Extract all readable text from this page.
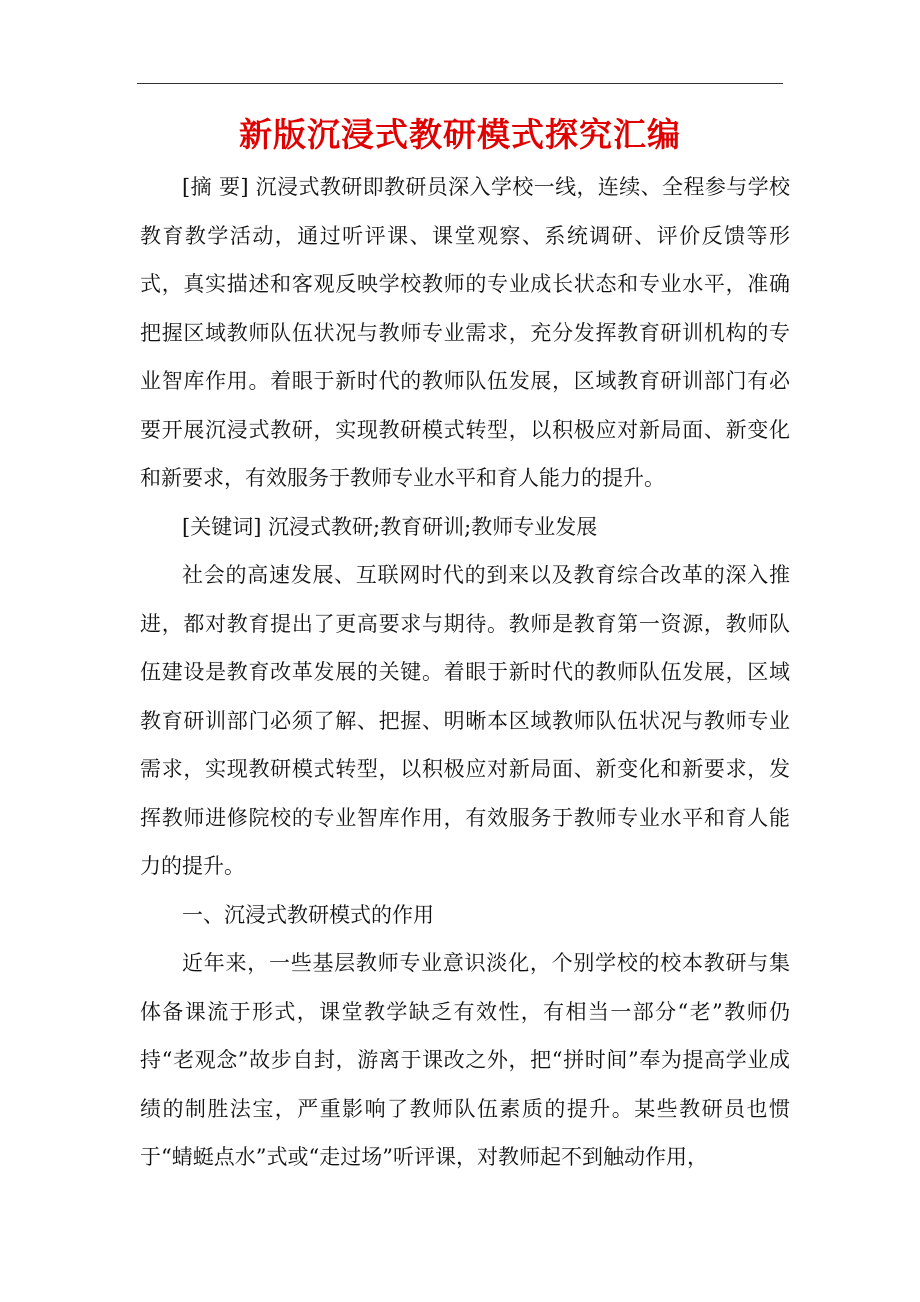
新版沉浸式教研模式探究汇编

[摘 要] 沉浸式教研即教研员深入学校一线，连续、全程参与学校教育教学活动，通过听评课、课堂观察、系统调研、评价反馈等形式，真实描述和客观反映学校教师的专业成长状态和专业水平，准确把握区域教师队伍状况与教师专业需求，充分发挥教育研训机构的专业智库作用。着眼于新时代的教师队伍发展，区域教育研训部门有必要开展沉浸式教研，实现教研模式转型，以积极应对新局面、新变化和新要求，有效服务于教师专业水平和育人能力的提升。

[关键词] 沉浸式教研;教育研训;教师专业发展

社会的高速发展、互联网时代的到来以及教育综合改革的深入推进，都对教育提出了更高要求与期待。教师是教育第一资源，教师队伍建设是教育改革发展的关键。着眼于新时代的教师队伍发展，区域教育研训部门必须了解、把握、明晰本区域教师队伍状况与教师专业需求，实现教研模式转型，以积极应对新局面、新变化和新要求，发挥教师进修院校的专业智库作用，有效服务于教师专业水平和育人能力的提升。

一、沉浸式教研模式的作用

近年来，一些基层教师专业意识淡化，个别学校的校本教研与集体备课流于形式，课堂教学缺乏有效性，有相当一部分“老”教师仍持“老观念”故步自封，游离于课改之外，把“拼时间”奉为提高学业成绩的制胜法宝，严重影响了教师队伍素质的提升。某些教研员也惯于“蜻蜓点水”式或“走过场”听评课，对教师起不到触动作用，
